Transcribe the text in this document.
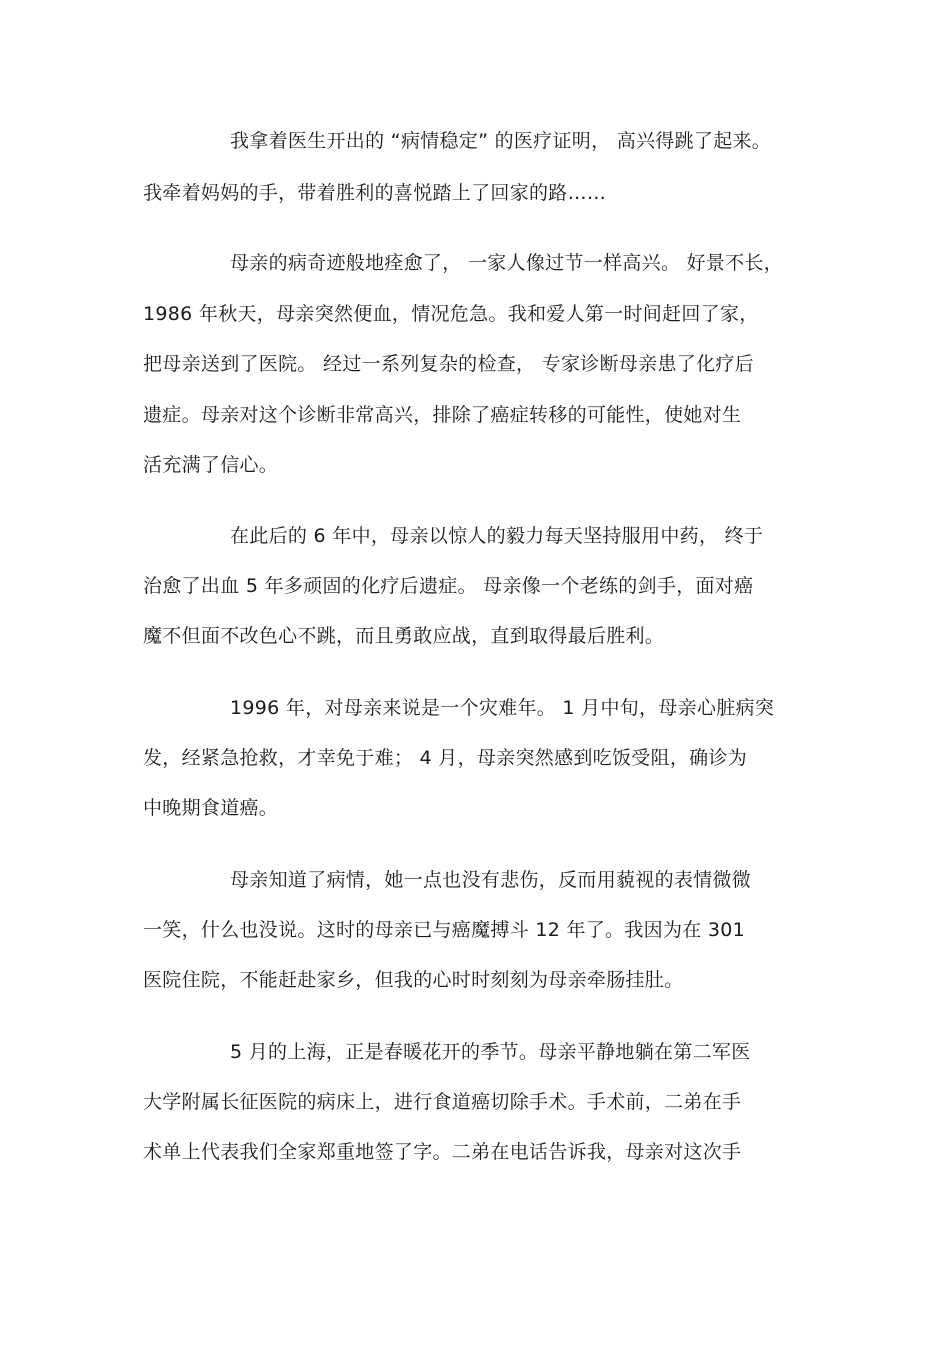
我拿着医生开出的 “病情稳定” 的医疗证明， 高兴得跳了起来。
我牵着妈妈的手，带着胜利的喜悦踏上了回家的路……
母亲的病奇迹般地痊愈了， 一家人像过节一样高兴。 好景不长，
1986 年秋天，母亲突然便血，情况危急。我和爱人第一时间赶回了家，
把母亲送到了医院。 经过一系列复杂的检查， 专家诊断母亲患了化疗后
遗症。母亲对这个诊断非常高兴，排除了癌症转移的可能性，使她对生
活充满了信心。
在此后的 6 年中，母亲以惊人的毅力每天坚持服用中药， 终于
治愈了出血 5 年多顽固的化疗后遗症。 母亲像一个老练的剑手，面对癌
魔不但面不改色心不跳，而且勇敢应战，直到取得最后胜利。
1996 年，对母亲来说是一个灾难年。 1 月中旬，母亲心脏病突
发，经紧急抢救，才幸免于难； 4 月，母亲突然感到吃饭受阻，确诊为
中晚期食道癌。
母亲知道了病情，她一点也没有悲伤，反而用藐视的表情微微
一笑，什么也没说。这时的母亲已与癌魔搏斗 12 年了。我因为在 301
医院住院，不能赶赴家乡，但我的心时时刻刻为母亲牵肠挂肚。
5 月的上海，正是春暖花开的季节。母亲平静地躺在第二军医
大学附属长征医院的病床上，进行食道癌切除手术。手术前，二弟在手
术单上代表我们全家郑重地签了字。二弟在电话告诉我，母亲对这次手
